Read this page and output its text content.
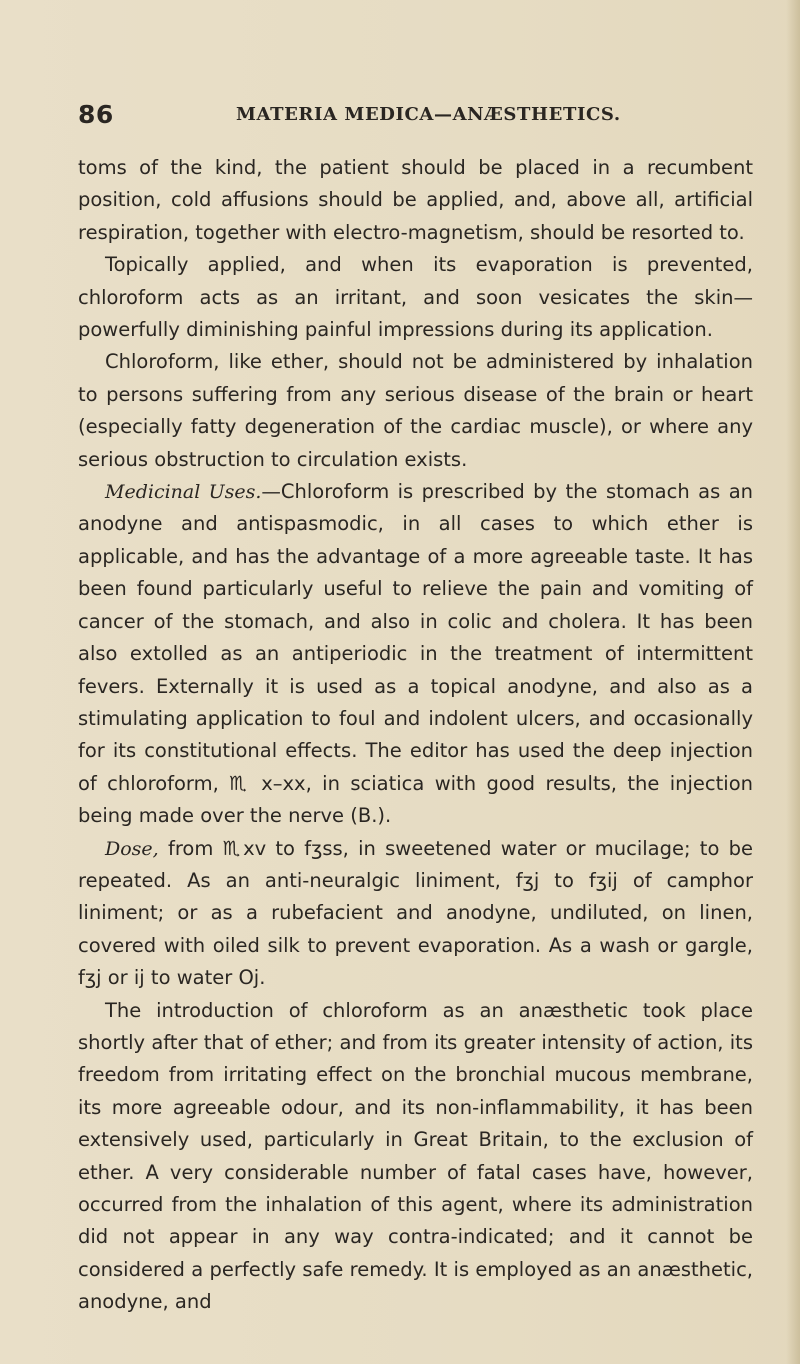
86	MATERIA MEDICA—ANÆSTHETICS.

toms of the kind, the patient should be placed in a recumbent position, cold affusions should be applied, and, above all, artificial respiration, together with electro-magnetism, should be resorted to.

Topically applied, and when its evaporation is prevented, chloroform acts as an irritant, and soon vesicates the skin—powerfully diminishing painful impressions during its application.

Chloroform, like ether, should not be administered by inhalation to persons suffering from any serious disease of the brain or heart (especially fatty degeneration of the cardiac muscle), or where any serious obstruction to circulation exists.

Medicinal Uses.—Chloroform is prescribed by the stomach as an anodyne and antispasmodic, in all cases to which ether is applicable, and has the advantage of a more agreeable taste. It has been found particularly useful to relieve the pain and vomiting of cancer of the stomach, and also in colic and cholera. It has been also extolled as an antiperiodic in the treatment of intermittent fevers. Externally it is used as a topical anodyne, and also as a stimulating application to foul and indolent ulcers, and occasionally for its constitutional effects. The editor has used the deep injection of chloroform, ♏ x–xx, in sciatica with good results, the injection being made over the nerve (B.).

Dose, from ♏xv to fʒss, in sweetened water or mucilage; to be repeated. As an anti-neuralgic liniment, fʒj to fʒij of camphor liniment; or as a rubefacient and anodyne, undiluted, on linen, covered with oiled silk to prevent evaporation. As a wash or gargle, fʒj or ij to water Oj.

The introduction of chloroform as an anæsthetic took place shortly after that of ether; and from its greater intensity of action, its freedom from irritating effect on the bronchial mucous membrane, its more agreeable odour, and its non-inflammability, it has been extensively used, particularly in Great Britain, to the exclusion of ether. A very considerable number of fatal cases have, however, occurred from the inhalation of this agent, where its administration did not appear in any way contra-indicated; and it cannot be considered a perfectly safe remedy. It is employed as an anæsthetic, anodyne, and
